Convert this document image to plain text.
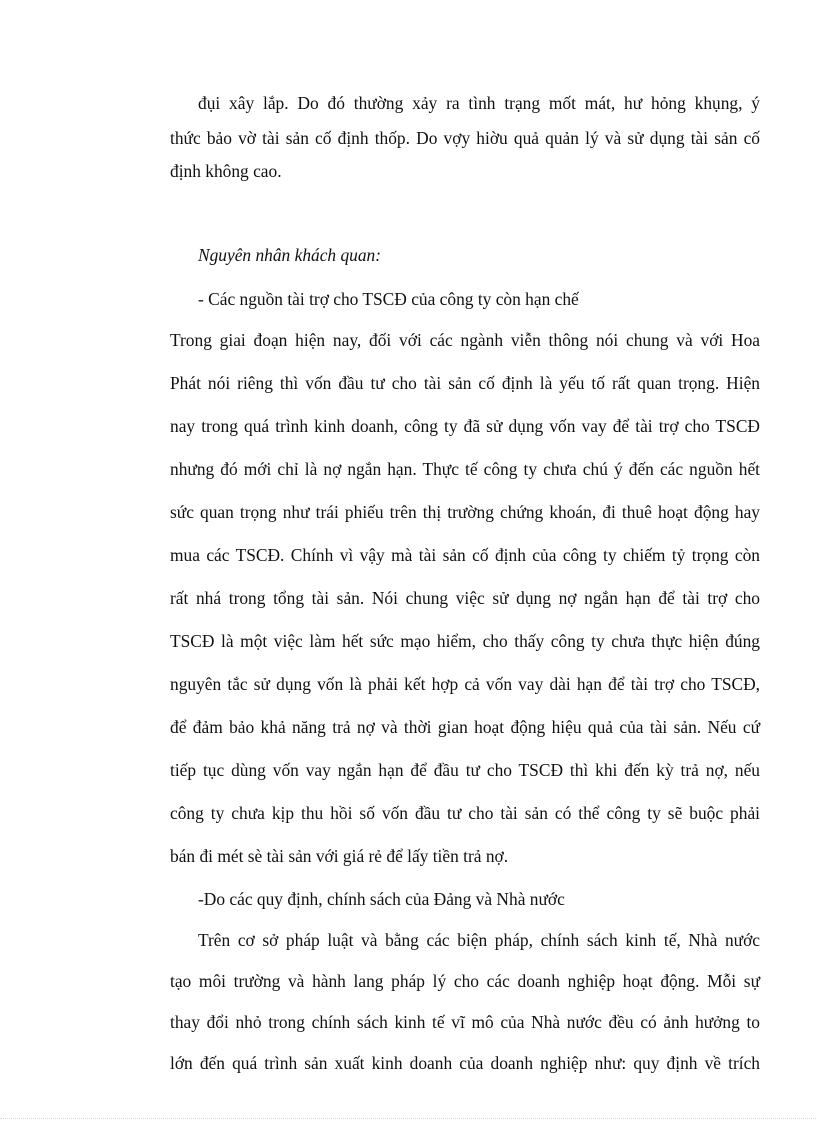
đụi xây lắp. Do đó thường xảy ra tình trạng mốt mát, hư hỏng khụng, ý
thức bảo vờ tài sản cố định thốp. Do vợy hiờu quả quản lý và sử dụng tài sản cố
định không cao.
Nguyên nhân khách quan:
- Các nguồn tài trợ cho TSCĐ của công ty còn hạn chế
Trong giai đoạn hiện nay, đối với các ngành viễn thông nói chung và với Hoa
Phát nói riêng thì vốn đầu tư cho tài sản cố định là yếu tố rất quan trọng. Hiện
nay trong quá trình kinh doanh, công ty đã sử dụng vốn vay để tài trợ cho TSCĐ
nhưng đó mới chỉ là nợ ngắn hạn. Thực tế công ty chưa chú ý đến các nguồn hết
sức quan trọng như trái phiếu trên thị trường chứng khoán, đi thuê hoạt động hay
mua các TSCĐ. Chính vì vậy mà tài sản cố định của công ty chiếm tỷ trọng còn
rất nhá trong tổng tài sản. Nói chung việc sử dụng nợ ngắn hạn để tài trợ cho
TSCĐ là một việc làm hết sức mạo hiểm, cho thấy công ty chưa thực hiện đúng
nguyên tắc sử dụng vốn là phải kết hợp cả vốn vay dài hạn để tài trợ cho TSCĐ,
để đảm bảo khả năng trả nợ và thời gian hoạt động hiệu quả của tài sản. Nếu cứ
tiếp tục dùng vốn vay ngắn hạn để đầu tư cho TSCĐ thì khi đến kỳ trả nợ, nếu
công ty chưa kịp thu hồi số vốn đầu tư cho tài sản có thể công ty sẽ buộc phải
bán đi mét sè tài sản với giá rẻ để lấy tiền trả nợ.
-Do các quy định, chính sách của Đảng và Nhà nước
Trên cơ sở pháp luật và bằng các biện pháp, chính sách kinh tế, Nhà nước
tạo môi trường và hành lang pháp lý cho các doanh nghiệp hoạt động. Mỗi sự
thay đổi nhỏ trong chính sách kinh tế vĩ mô của Nhà nước đều có ảnh hưởng to
lớn đến quá trình sản xuất kinh doanh của doanh nghiệp như: quy định về trích
